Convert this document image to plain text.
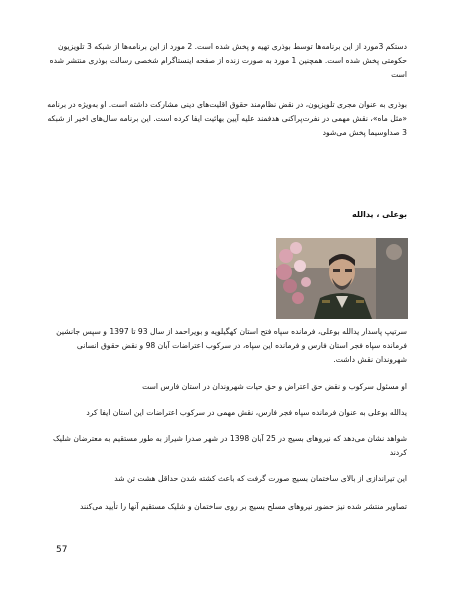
دستکم ‎3‎مورد از این برنامه‌ها توسط بوذری تهیه و پخش شده است. ‎2‎ مورد از این برنامه‌ها از شبکه ‎3‎ تلویزیون حکومتی پخش شده است. همچنین ‎1‎ مورد به صورت زنده از صفحه اینستاگرام شخصی رسالت بوذری منتشر شده است

بوذری به عنوان مجری تلویزیون، در نقض نظام‌مند حقوق اقلیت‌های دینی مشارکت داشته است. او به‌ویژه در برنامه «مثل ماه»، نقش مهمی در نفرت‌پراکنی هدفمند علیه آیین بهائیت ایفا کرده است. این برنامه سال‌های اخیر از شبکه ‎3‎ صداوسیما پخش می‌شود

بوعلی ، یدالله

سرتیپ پاسدار یدالله بوعلی، فرمانده سپاه فتح استان کهگیلویه و بویراحمد از سال ‎93‎ تا ‎1397‎ و سپس جانشین فرمانده سپاه فجر استان فارس و فرمانده این سپاه، در سرکوب اعتراضات آبان ‎98‎ و نقض حقوق انسانی شهروندان نقش داشت.

او مسئول سرکوب و نقض حق اعتراض و حق حیات شهروندان در استان فارس است

یدالله بوعلی به عنوان فرمانده سپاه فجر فارس، نقش مهمی در سرکوب اعتراضات این استان ایفا کرد

شواهد نشان می‌دهد که نیروهای بسیج در ‎25‎ آبان ‎1398‎ در شهر صدرا شیراز به طور مستقیم به معترضان شلیک کردند

این تیراندازی از بالای ساختمان بسیج صورت گرفت که باعث کشته شدن حداقل هشت تن شد

تصاویر منتشر شده نیز حضور نیروهای مسلح بسیج بر روی ساختمان و شلیک مستقیم آنها را تأیید می‌کنند

57
